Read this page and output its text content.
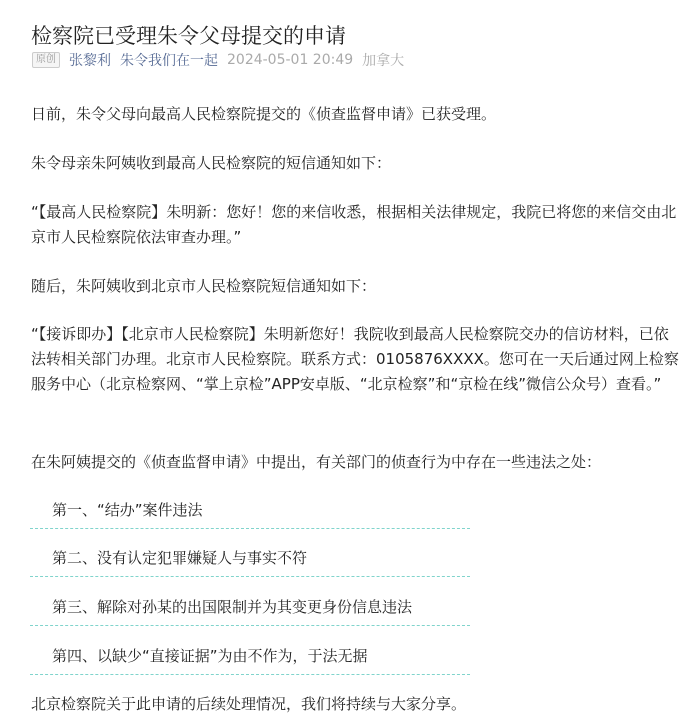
检察院已受理朱令父母提交的申请
原创 张黎利 朱令我们在一起 2024-05-01 20:49 加拿大

日前，朱令父母向最高人民检察院提交的《侦查监督申请》已获受理。

朱令母亲朱阿姨收到最高人民检察院的短信通知如下：

“【最高人民检察院】朱明新：您好！您的来信收悉，根据相关法律规定，我院已将您的来信交由北京市人民检察院依法审查办理。”

随后，朱阿姨收到北京市人民检察院短信通知如下：

“【接诉即办】【北京市人民检察院】朱明新您好！我院收到最高人民检察院交办的信访材料，已依法转相关部门办理。北京市人民检察院。联系方式：0105876XXXX。您可在一天后通过网上检察服务中心（北京检察网、“掌上京检”APP安卓版、“北京检察”和“京检在线”微信公众号）查看。”

在朱阿姨提交的《侦查监督申请》中提出，有关部门的侦查行为中存在一些违法之处：

第一、“结办”案件违法
第二、没有认定犯罪嫌疑人与事实不符
第三、解除对孙某的出国限制并为其变更身份信息违法
第四、以缺少“直接证据”为由不作为，于法无据

北京检察院关于此申请的后续处理情况，我们将持续与大家分享。
